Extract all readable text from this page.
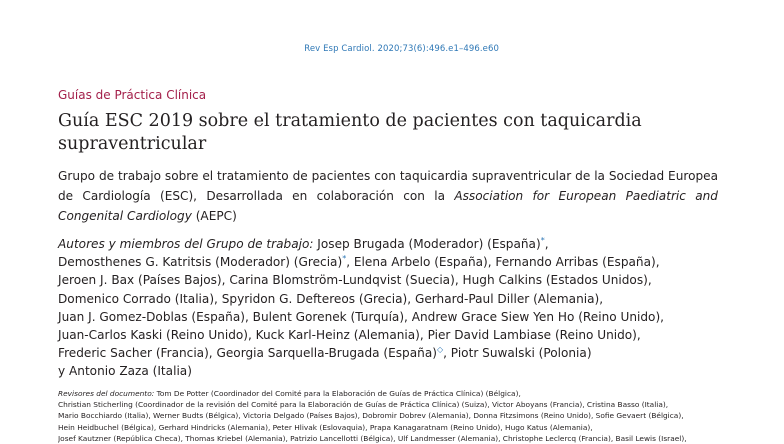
Rev Esp Cardiol. 2020;73(6):496.e1–496.e60
Guías de Práctica Clínica
Guía ESC 2019 sobre el tratamiento de pacientes con taquicardia supraventricular
Grupo de trabajo sobre el tratamiento de pacientes con taquicardia supraventricular de la Sociedad Europea de Cardiología (ESC), Desarrollada en colaboración con la Association for European Paediatric and Congenital Cardiology (AEPC)
Autores y miembros del Grupo de trabajo: Josep Brugada (Moderador) (España)*,
Demosthenes G. Katritsis (Moderador) (Grecia)*, Elena Arbelo (España), Fernando Arribas (España),
Jeroen J. Bax (Países Bajos), Carina Blomström-Lundqvist (Suecia), Hugh Calkins (Estados Unidos),
Domenico Corrado (Italia), Spyridon G. Deftereos (Grecia), Gerhard-Paul Diller (Alemania),
Juan J. Gomez-Doblas (España), Bulent Gorenek (Turquía), Andrew Grace Siew Yen Ho (Reino Unido),
Juan-Carlos Kaski (Reino Unido), Kuck Karl-Heinz (Alemania), Pier David Lambiase (Reino Unido),
Frederic Sacher (Francia), Georgia Sarquella-Brugada (España)◇, Piotr Suwalski (Polonia)
y Antonio Zaza (Italia)
Revisores del documento: Tom De Potter (Coordinador del Comité para la Elaboración de Guías de Práctica Clínica) (Bélgica),
Christian Sticherling (Coordinador de la revisión del Comité para la Elaboración de Guías de Práctica Clínica) (Suiza), Victor Aboyans (Francia), Cristina Basso (Italia),
Mario Bocchiardo (Italia), Werner Budts (Bélgica), Victoria Delgado (Países Bajos), Dobromir Dobrev (Alemania), Donna Fitzsimons (Reino Unido), Sofie Gevaert (Bélgica),
Hein Heidbuchel (Bélgica), Gerhard Hindricks (Alemania), Peter Hlivak (Eslovaquia), Prapa Kanagaratnam (Reino Unido), Hugo Katus (Alemania),
Josef Kautzner (República Checa), Thomas Kriebel (Alemania), Patrizio Lancellotti (Bélgica), Ulf Landmesser (Alemania), Christophe Leclercq (Francia), Basil Lewis (Israel),
